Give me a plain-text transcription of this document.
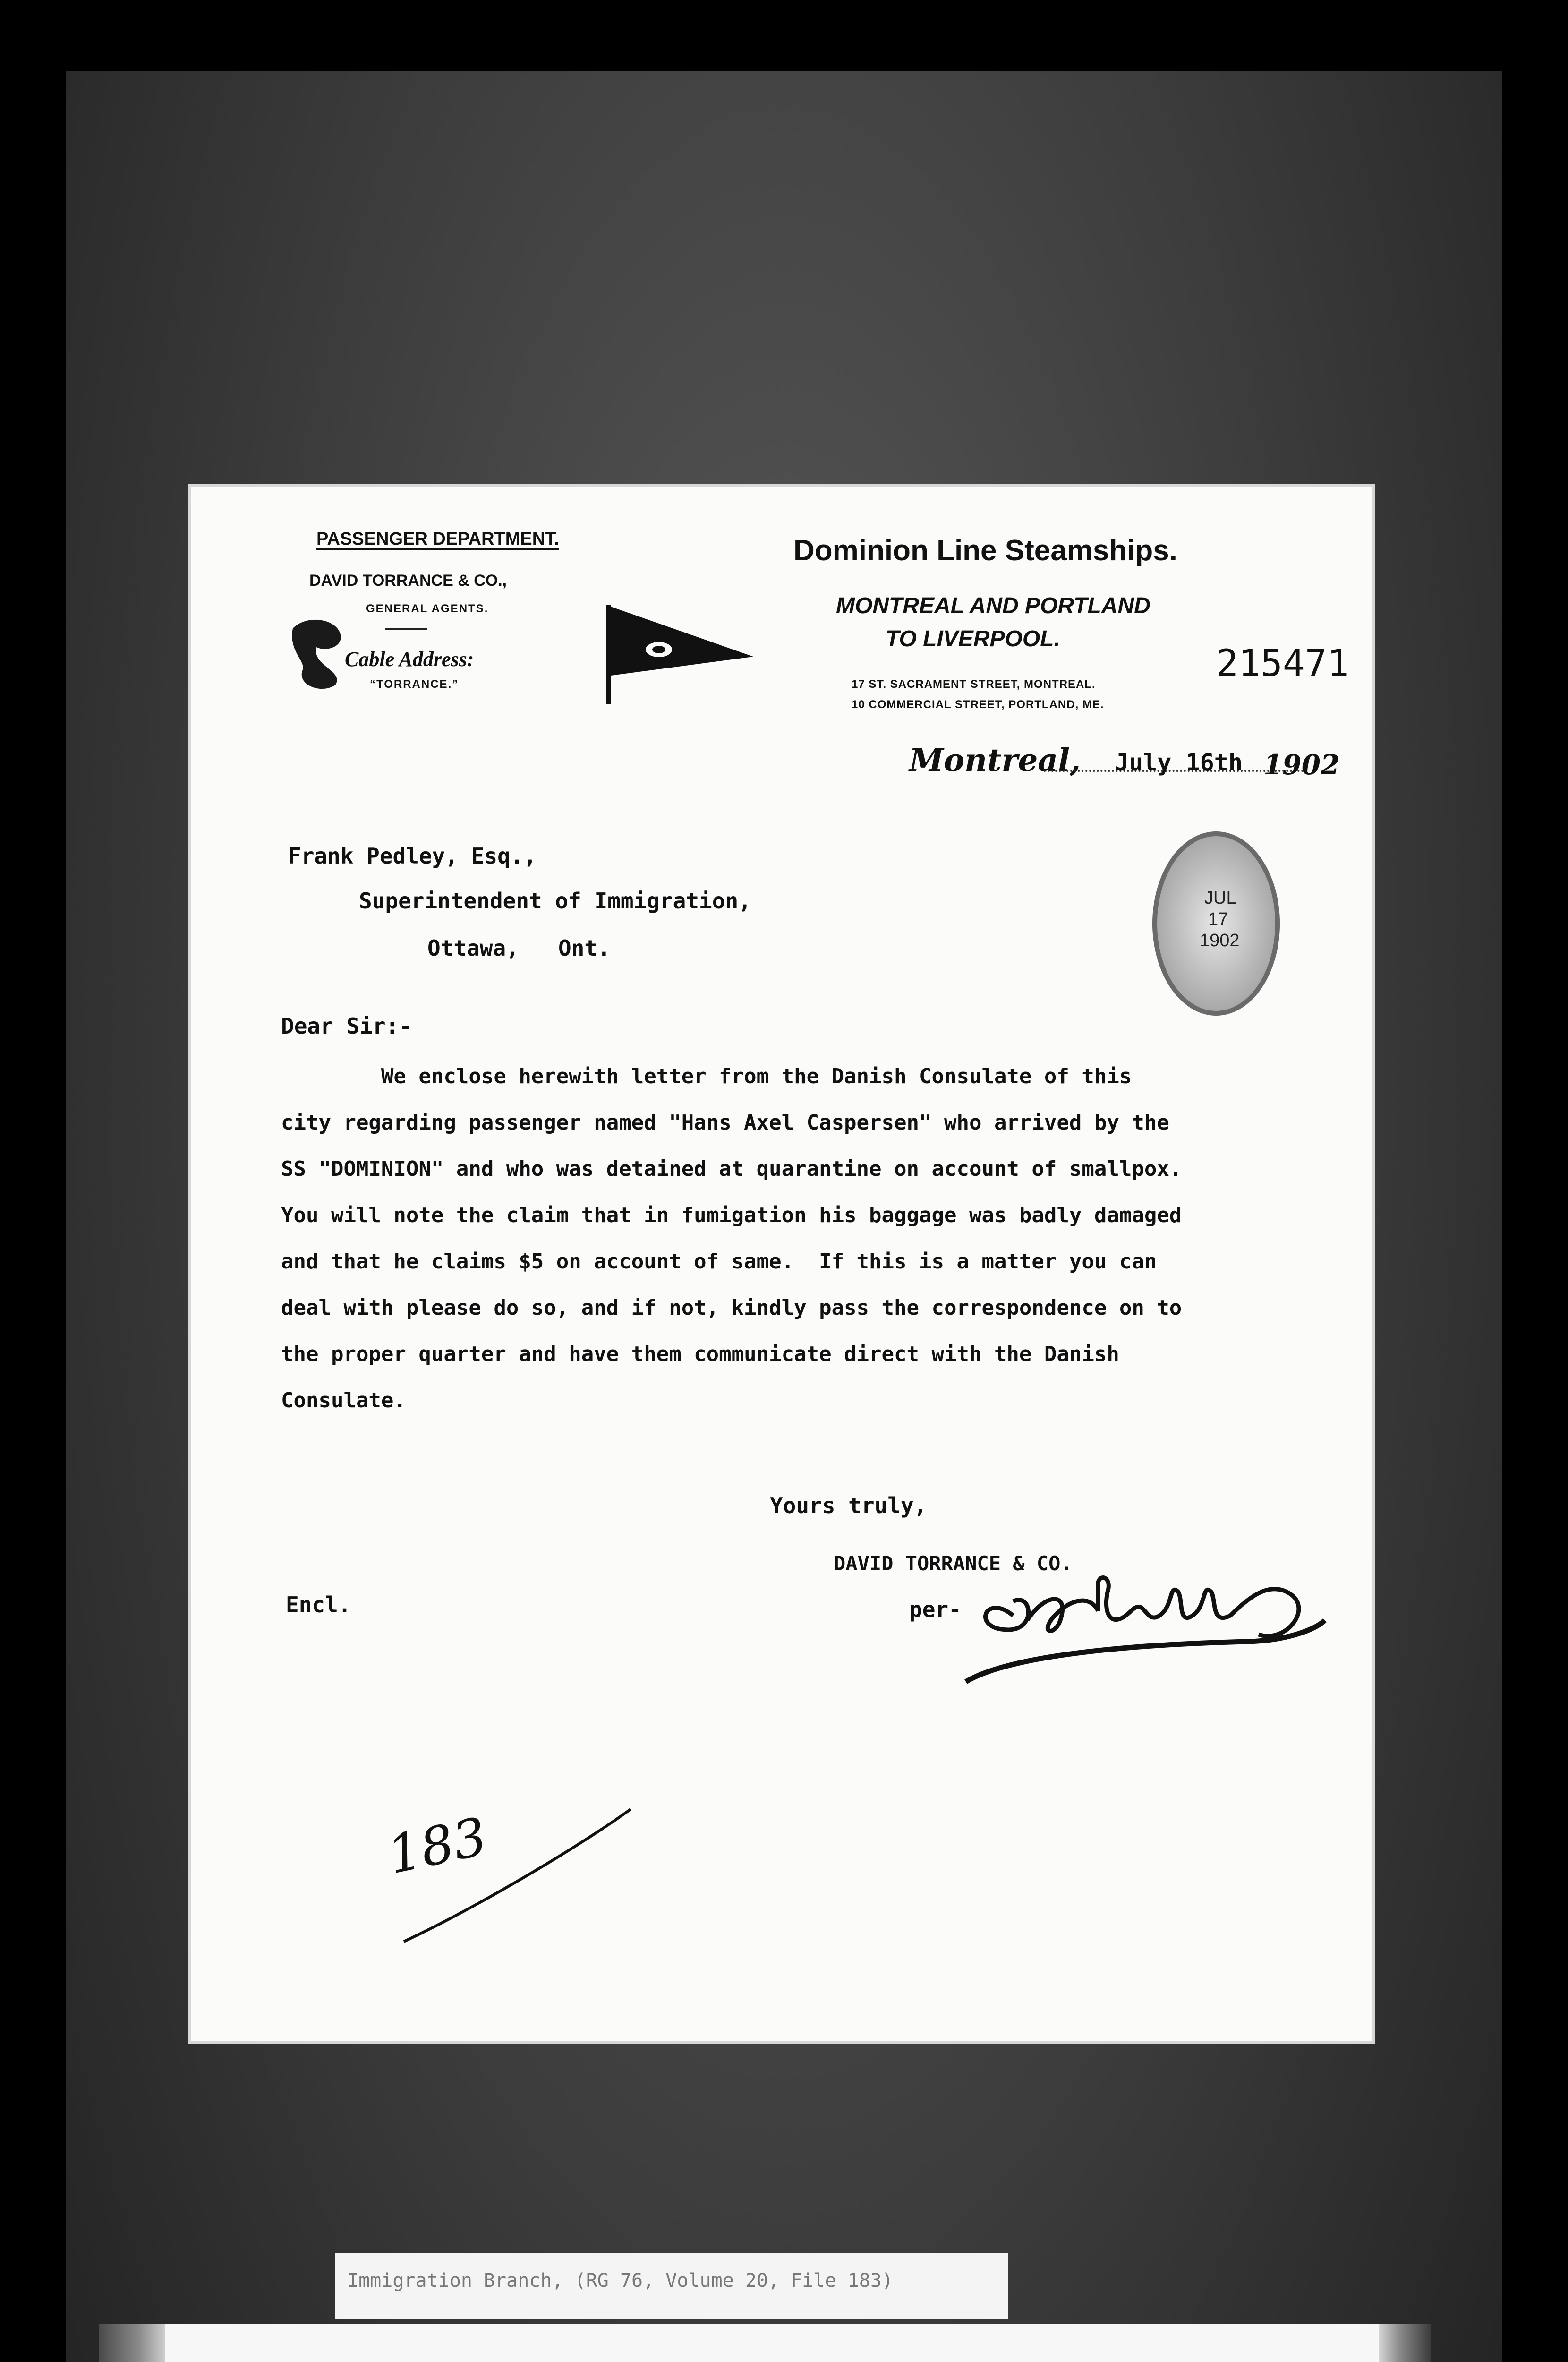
PASSENGER DEPARTMENT.
DAVID TORRANCE & CO.,
GENERAL AGENTS.
Cable Address:
“TORRANCE.”
Dominion Line Steamships.
MONTREAL AND PORTLAND
TO LIVERPOOL.
17 ST. SACRAMENT STREET, MONTREAL.
10 COMMERCIAL STREET, PORTLAND, ME.
215471
Montreal, July 16th 1902
JUL
17
1902
Frank Pedley, Esq.,
Superintendent of Immigration,
Ottawa,   Ont.
Dear Sir:-
We enclose herewith letter from the Danish Consulate of this
city regarding passenger named "Hans Axel Caspersen" who arrived by the
SS "DOMINION" and who was detained at quarantine on account of smallpox.
You will note the claim that in fumigation his baggage was badly damaged
and that he claims $5 on account of same.  If this is a matter you can
deal with please do so, and if not, kindly pass the correspondence on to
the proper quarter and have them communicate direct with the Danish
Consulate.
Yours truly,
DAVID TORRANCE & CO.
per-
Encl.
183
Immigration Branch, (RG 76, Volume 20, File 183)
